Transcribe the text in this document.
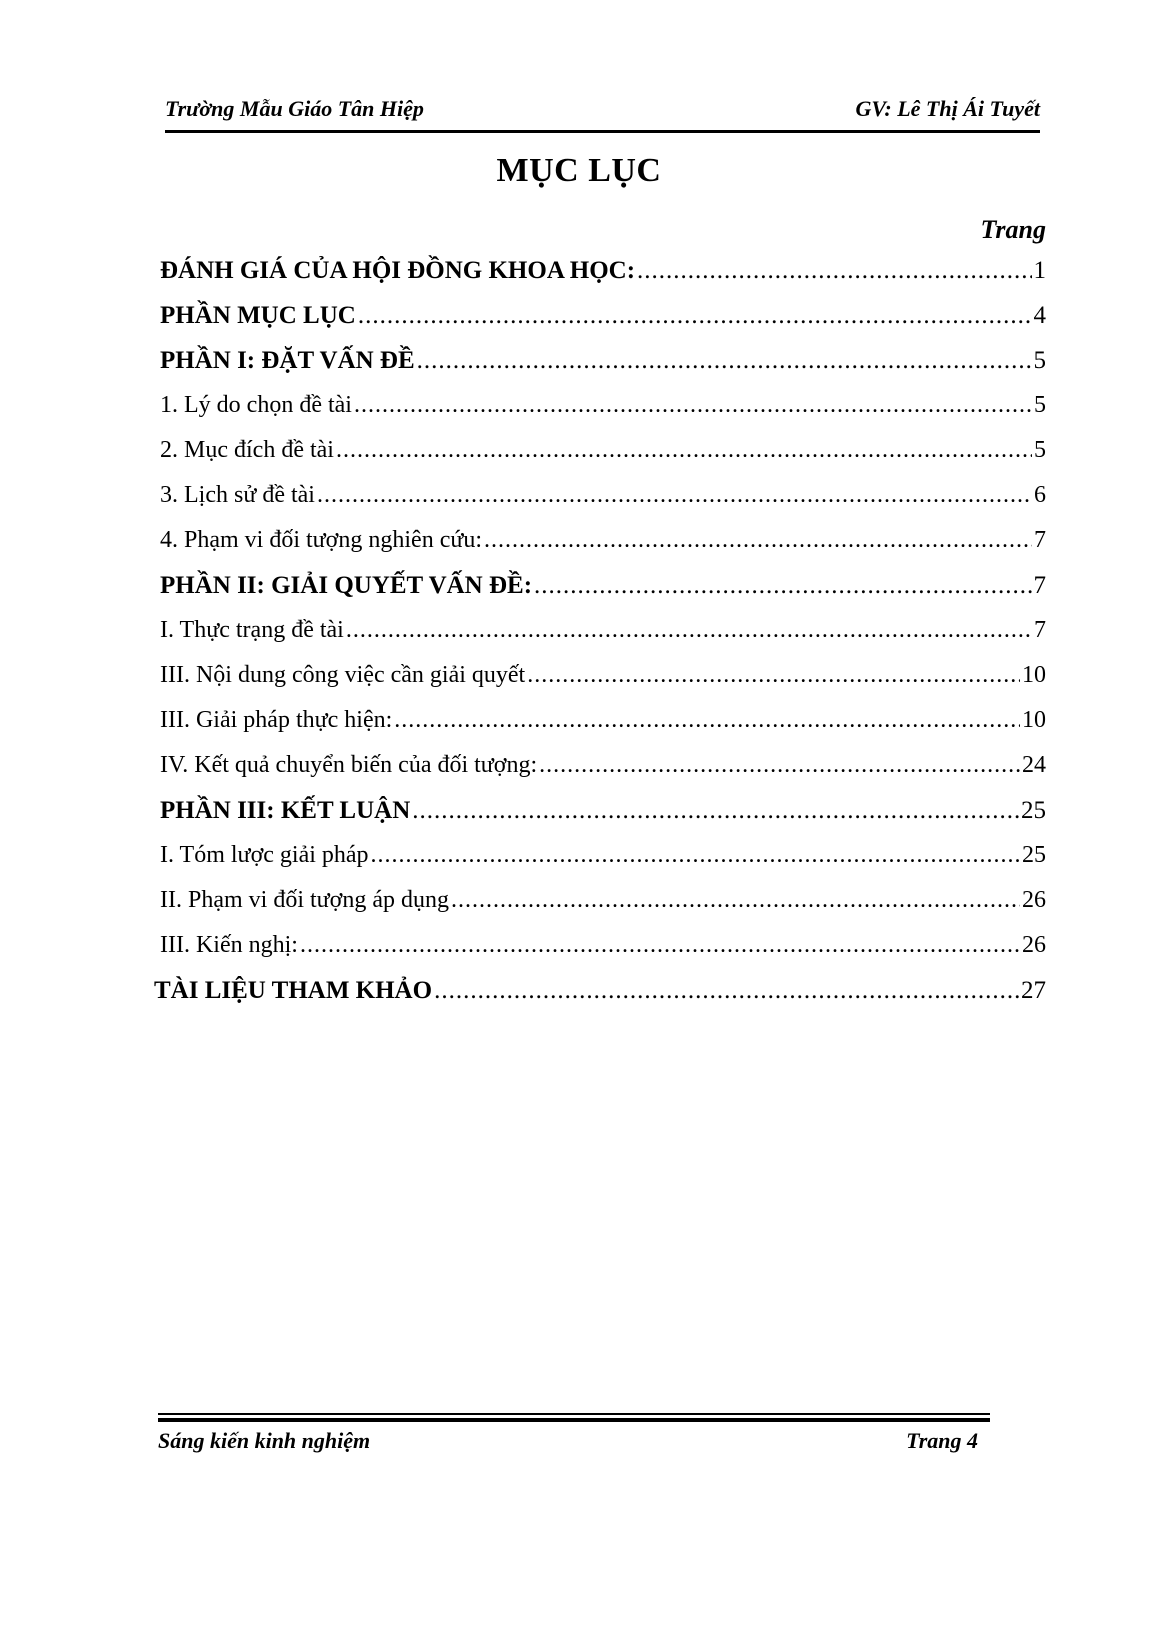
Trường Mẫu Giáo Tân Hiệp	GV: Lê Thị Ái Tuyết
MỤC LỤC
Trang
ĐÁNH GIÁ CỦA HỘI ĐỒNG KHOA HỌC: .....	1
PHẦN MỤC LỤC .....	4
PHẦN I: ĐẶT VẤN ĐỀ .....	5
1. Lý do chọn đề tài .....	5
2. Mục đích đề tài .....	5
3. Lịch sử đề tài .....	6
4. Phạm vi đối tượng nghiên cứu: .....	7
PHẦN II: GIẢI QUYẾT VẤN ĐỀ: .....	7
I. Thực trạng đề tài .....	7
III. Nội dung công việc cần giải quyết .....	10
III. Giải pháp thực hiện: .....	10
IV. Kết quả chuyển biến của đối tượng: .....	24
PHẦN III: KẾT LUẬN .....	25
I. Tóm lược giải pháp .....	25
II. Phạm vi đối tượng áp dụng .....	26
III. Kiến nghị: .....	26
TÀI LIỆU THAM KHẢO .....	27
Sáng kiến kinh nghiệm	Trang 4
